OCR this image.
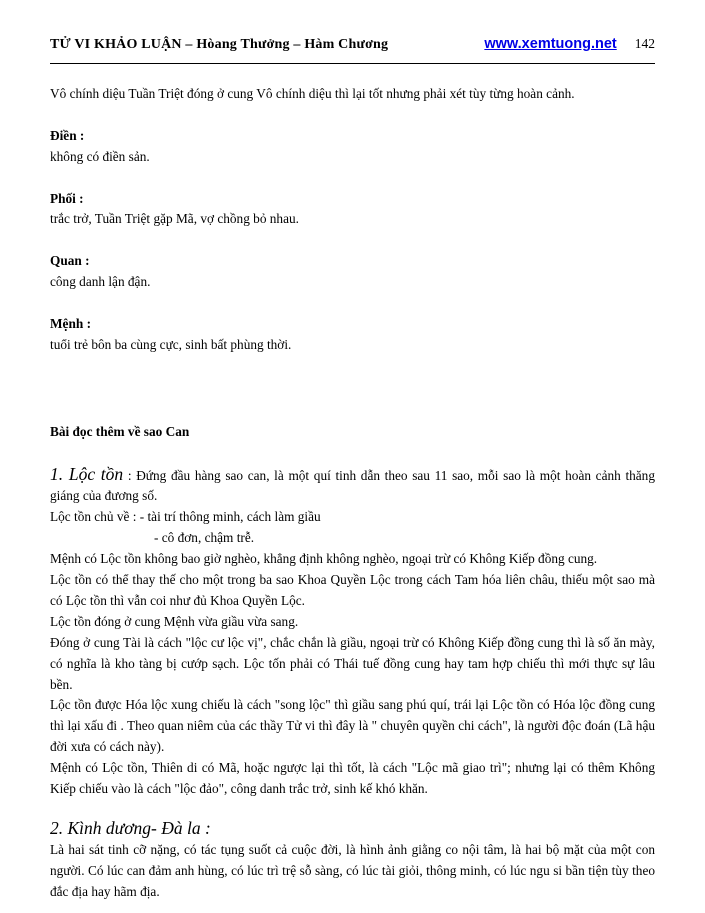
TỬ VI KHẢO LUẬN – Hòang Thưởng – Hàm Chương	www.xemtuong.net 142

Vô chính diệu Tuần Triệt đóng ở cung Vô chính diệu thì lại tốt nhưng phải xét tùy từng hoàn cảnh.

Điền :

không có điền sản.

Phối :

trắc trở, Tuần Triệt gặp Mã, vợ chồng bỏ nhau.

Quan :

công danh lận đận.

Mệnh :

tuổi trẻ bôn ba cùng cực, sinh bất phùng thời.

Bài đọc thêm về sao Can

1. Lộc tồn : Đứng đầu hàng sao can, là một quí tinh dẫn theo sau 11 sao, mỗi sao là một hoàn cảnh thăng giáng của đương số.

Lộc tồn chủ về : - tài trí thông minh, cách làm giầu
- cô đơn, chậm trễ.

Mệnh có Lộc tồn không bao giờ nghèo, khẳng định không nghèo, ngoại trừ có Không Kiếp đồng cung.

Lộc tồn có thể thay thế cho một trong ba sao Khoa Quyền Lộc trong cách Tam hóa liên châu, thiếu một sao mà có Lộc tồn thì vẫn coi như đủ Khoa Quyền Lộc.

Lộc tồn đóng ở cung Mệnh vừa giầu vừa sang.

Đóng ở cung Tài là cách "lộc cư lộc vị", chắc chắn là giầu, ngoại trừ có Không Kiếp đồng cung thì là số ăn mày, có nghĩa là kho tàng bị cướp sạch. Lộc tốn phải có Thái tuế đồng cung hay tam hợp chiếu thì mới thực sự lâu bền.

Lộc tồn được Hóa lộc xung chiếu là cách "song lộc" thì giầu sang phú quí, trái lại Lộc tồn có Hóa lộc đồng cung thì lại xấu đi . Theo quan niêm của các thầy Tử vi thì đây là " chuyên quyền chi cách", là người độc đoán (Lã hậu đời xưa có cách này).

Mệnh có Lộc tồn, Thiên di có Mã, hoặc ngược lại thì tốt, là cách "Lộc mã giao trì"; nhưng lại có thêm Không Kiếp chiếu vào là cách "lộc đảo", công danh trắc trở, sinh kế khó khăn.

2. Kình dương- Đà la :

Là hai sát tinh cỡ nặng, có tác tụng suốt cả cuộc đời, là hình ảnh giằng co nội tâm, là hai bộ mặt của một con người. Có lúc can đảm anh hùng, có lúc trì trệ sỗ sàng, có lúc tài giỏi, thông minh, có lúc ngu si bần tiện tùy theo đắc địa hay hãm địa.
